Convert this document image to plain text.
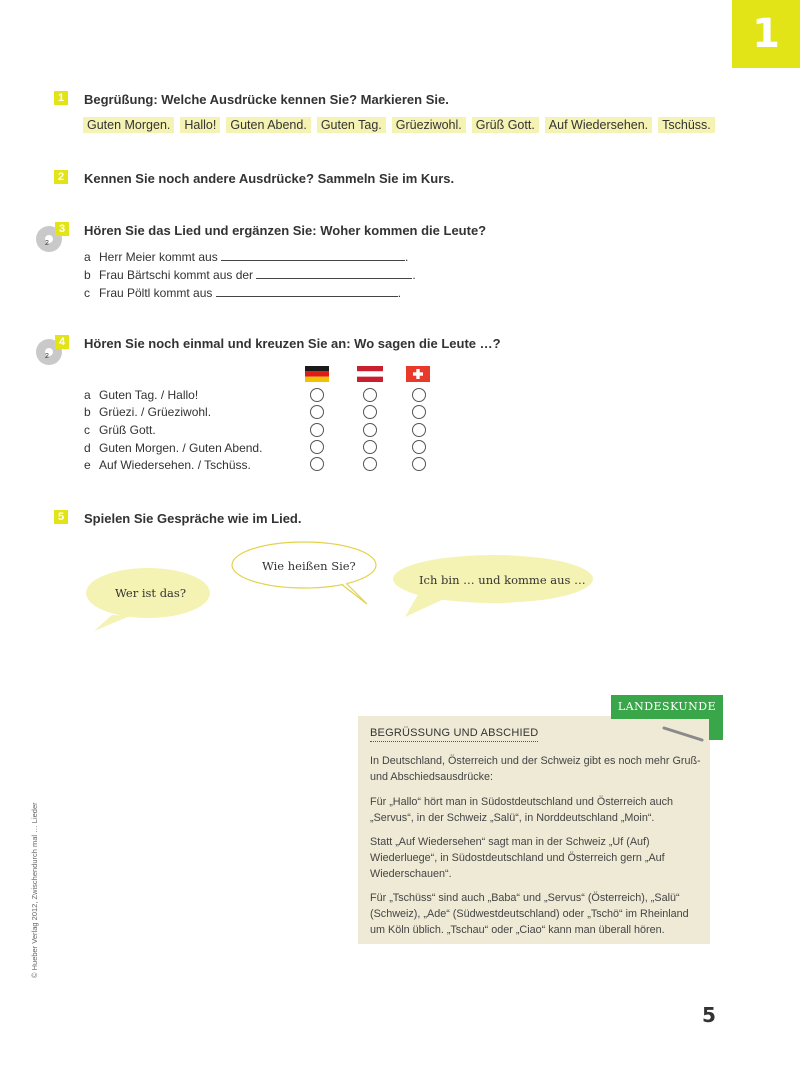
1
1	Begrüßung: Welche Ausdrücke kennen Sie? Markieren Sie.
Guten Morgen.	Hallo!	Guten Abend.	Guten Tag.	Grüeziwohl.	Grüß Gott.	Auf Wiedersehen.	Tschüss.
2	Kennen Sie noch andere Ausdrücke? Sammeln Sie im Kurs.
2
3	Hören Sie das Lied und ergänzen Sie: Woher kommen die Leute?
a Herr Meier kommt aus	.
b Frau Bärtschi kommt aus der	.
c Frau Pöltl kommt aus	.
2
4	Hören Sie noch einmal und kreuzen Sie an: Wo sagen die Leute …?
a Guten Tag. / Hallo!
b Grüezi. / Grüeziwohl.
c Grüß Gott.
d Guten Morgen. / Guten Abend.
e Auf Wiedersehen. / Tschüss.
5	Spielen Sie Gespräche wie im Lied.
Wer ist das?
Wie heißen Sie?
Ich bin … und komme aus …
BEGRÜSSUNG UND ABSCHIED
In Deutschland, Österreich und der Schweiz gibt es noch mehr Gruß- und Abschiedsausdrücke:
Für „Hallo“ hört man in Südostdeutschland und Österreich auch „Servus“, in der Schweiz „Salü“, in Norddeutschland „Moin“.
Statt „Auf Wiedersehen“ sagt man in der Schweiz „Uf (Auf) Wiederluege“, in Südostdeutschland und Österreich gern „Auf Wiederschauen“.
Für „Tschüss“ sind auch „Baba“ und „Servus“ (Österreich), „Salü“ (Schweiz), „Ade“ (Südwestdeutschland) oder „Tschö“ im Rheinland um Köln üblich. „Tschau“ oder „Ciao“ kann man überall hören.
LANDESKUNDE
© Hueber Verlag 2012, Zwischendurch mal … Lieder
5
